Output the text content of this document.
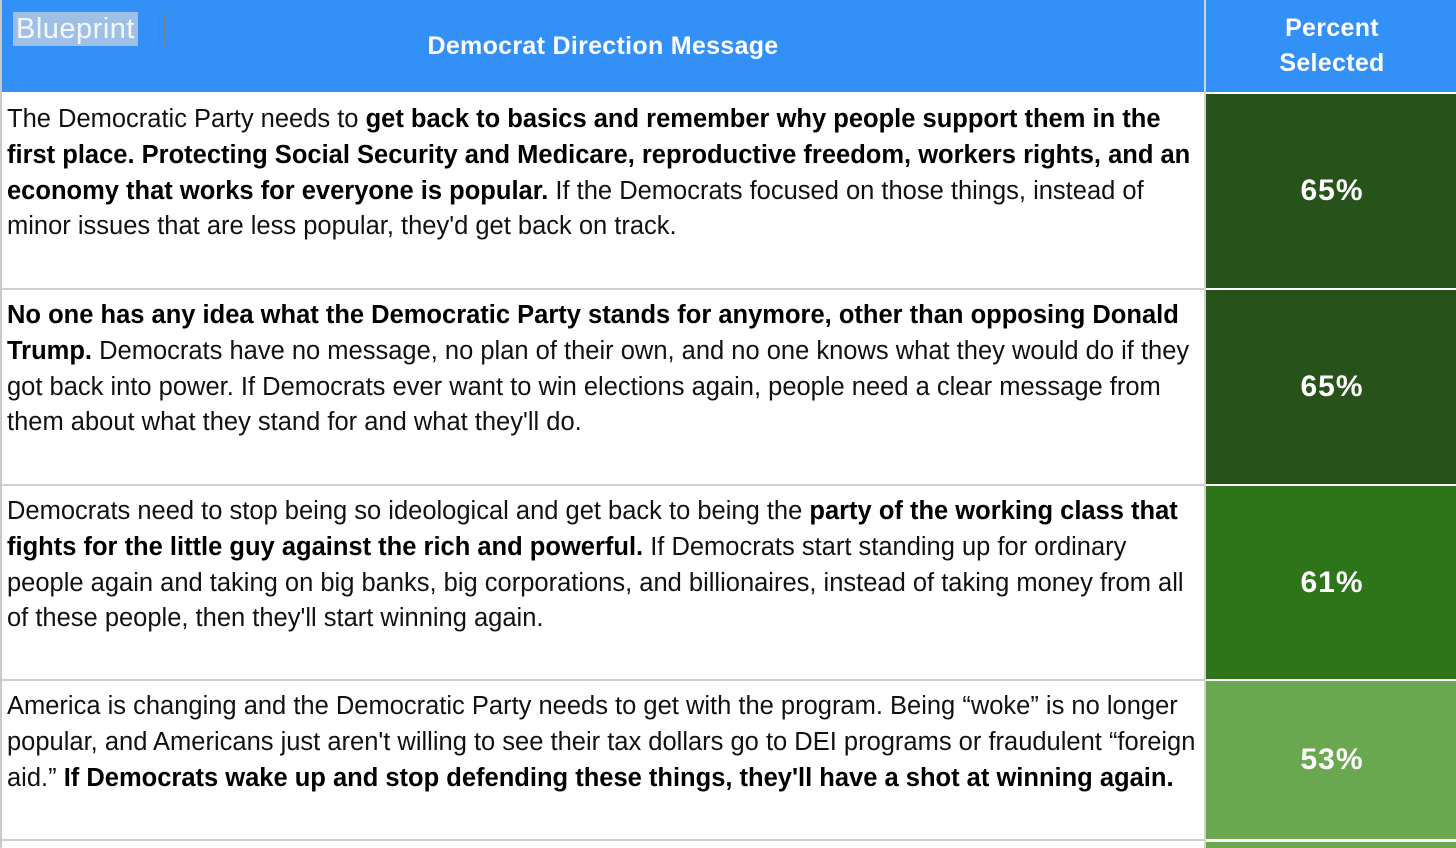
Democrat Direction Message
Percent
Selected
Blueprint
The Democratic Party needs to get back to basics and remember why people support them in the first place. Protecting Social Security and Medicare, reproductive freedom, workers rights, and an economy that works for everyone is popular. If the Democrats focused on those things, instead of minor issues that are less popular, they'd get back on track.
65%
No one has any idea what the Democratic Party stands for anymore, other than opposing Donald Trump. Democrats have no message, no plan of their own, and no one knows what they would do if they got back into power. If Democrats ever want to win elections again, people need a clear message from them about what they stand for and what they'll do.
65%
Democrats need to stop being so ideological and get back to being the party of the working class that fights for the little guy against the rich and powerful. If Democrats start standing up for ordinary people again and taking on big banks, big corporations, and billionaires, instead of taking money from all of these people, then they'll start winning again.
61%
America is changing and the Democratic Party needs to get with the program. Being “woke” is no longer popular, and Americans just aren't willing to see their tax dollars go to DEI programs or fraudulent “foreign aid.” If Democrats wake up and stop defending these things, they'll have a shot at winning again.
53%
